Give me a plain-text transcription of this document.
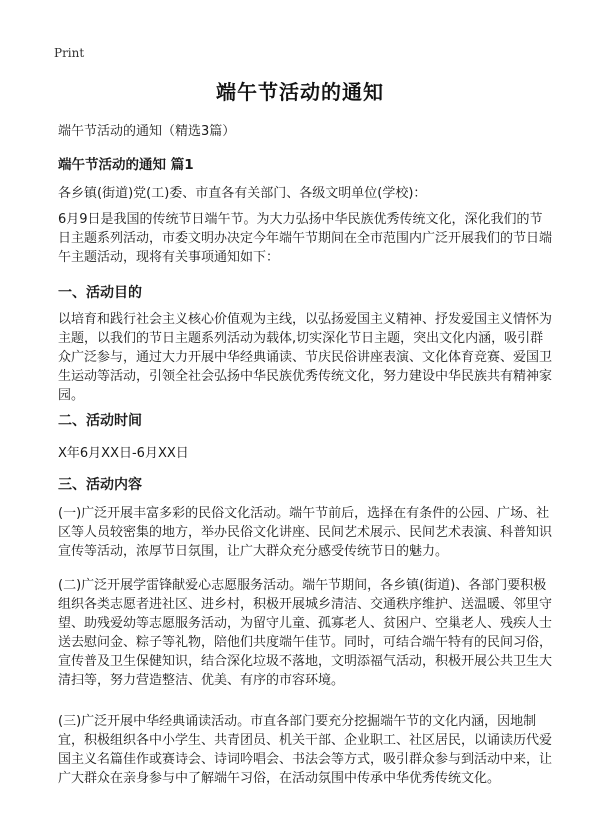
Print
端午节活动的通知
端午节活动的通知（精选3篇）
端午节活动的通知 篇1
各乡镇(街道)党(工)委、市直各有关部门、各级文明单位(学校)：

6月9日是我国的传统节日端午节。为大力弘扬中华民族优秀传统文化，深化我们的节日主题系列活动，市委文明办决定今年端午节期间在全市范围内广泛开展我们的节日端午主题活动，现将有关事项通知如下：

一、活动目的

以培育和践行社会主义核心价值观为主线，以弘扬爱国主义精神、抒发爱国主义情怀为主题，以我们的节日主题系列活动为载体,切实深化节日主题，突出文化内涵，吸引群众广泛参与，通过大力开展中华经典诵读、节庆民俗讲座表演、文化体育竞赛、爱国卫生运动等活动，引领全社会弘扬中华民族优秀传统文化，努力建设中华民族共有精神家园。

二、活动时间
X年6月XX日-6月XX日
三、活动内容

(一)广泛开展丰富多彩的民俗文化活动。端午节前后，选择在有条件的公园、广场、社区等人员较密集的地方，举办民俗文化讲座、民间艺术展示、民间艺术表演、科普知识宣传等活动，浓厚节日氛围，让广大群众充分感受传统节日的魅力。

(二)广泛开展学雷锋献爱心志愿服务活动。端午节期间，各乡镇(街道)、各部门要积极组织各类志愿者进社区、进乡村，积极开展城乡清洁、交通秩序维护、送温暖、邻里守望、助残爱幼等志愿服务活动，为留守儿童、孤寡老人、贫困户、空巢老人、残疾人士送去慰问金、粽子等礼物，陪他们共度端午佳节。同时，可结合端午特有的民间习俗，宣传普及卫生保健知识，结合深化垃圾不落地，文明添福气活动，积极开展公共卫生大清扫等，努力营造整洁、优美、有序的市容环境。

(三)广泛开展中华经典诵读活动。市直各部门要充分挖掘端午节的文化内涵，因地制宜，积极组织各中小学生、共青团员、机关干部、企业职工、社区居民，以诵读历代爱国主义名篇佳作或赛诗会、诗词吟唱会、书法会等方式，吸引群众参与到活动中来，让广大群众在亲身参与中了解端午习俗，在活动氛围中传承中华优秀传统文化。
